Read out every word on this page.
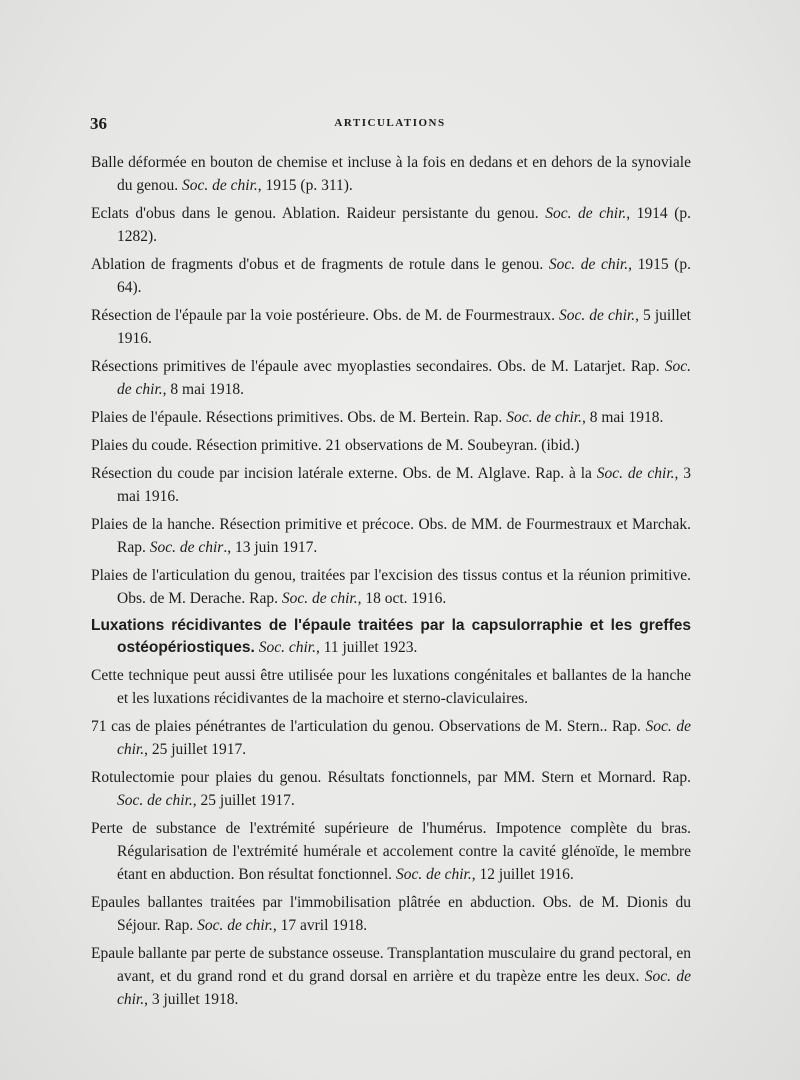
36	ARTICULATIONS

Balle déformée en bouton de chemise et incluse à la fois en dedans et en dehors de la synoviale du genou. Soc. de chir., 1915 (p. 311).

Eclats d'obus dans le genou. Ablation. Raideur persistante du genou. Soc. de chir., 1914 (p. 1282).

Ablation de fragments d'obus et de fragments de rotule dans le genou. Soc. de chir., 1915 (p. 64).

Résection de l'épaule par la voie postérieure. Obs. de M. de Fourmestraux. Soc. de chir., 5 juillet 1916.

Résections primitives de l'épaule avec myoplasties secondaires. Obs. de M. Latarjet. Rap. Soc. de chir., 8 mai 1918.

Plaies de l'épaule. Résections primitives. Obs. de M. Bertein. Rap. Soc. de chir., 8 mai 1918.

Plaies du coude. Résection primitive. 21 observations de M. Soubeyran. (ibid.)

Résection du coude par incision latérale externe. Obs. de M. Alglave. Rap. à la Soc. de chir., 3 mai 1916.

Plaies de la hanche. Résection primitive et précoce. Obs. de MM. de Fourmestraux et Marchak. Rap. Soc. de chir., 13 juin 1917.

Plaies de l'articulation du genou, traitées par l'excision des tissus contus et la réunion primitive. Obs. de M. Derache. Rap. Soc. de chir., 18 oct. 1916.

Luxations récidivantes de l'épaule traitées par la capsulorraphie et les greffes ostéopériostiques. Soc. chir., 11 juillet 1923.

Cette technique peut aussi être utilisée pour les luxations congénitales et ballantes de la hanche et les luxations récidivantes de la machoire et sterno-claviculaires.

71 cas de plaies pénétrantes de l'articulation du genou. Observations de M. Stern.. Rap. Soc. de chir., 25 juillet 1917.

Rotulectomie pour plaies du genou. Résultats fonctionnels, par MM. Stern et Mornard. Rap. Soc. de chir., 25 juillet 1917.

Perte de substance de l'extrémité supérieure de l'humérus. Impotence complète du bras. Régularisation de l'extrémité humérale et accolement contre la cavité glénoïde, le membre étant en abduction. Bon résultat fonctionnel. Soc. de chir., 12 juillet 1916.

Epaules ballantes traitées par l'immobilisation plâtrée en abduction. Obs. de M. Dionis du Séjour. Rap. Soc. de chir., 17 avril 1918.

Epaule ballante par perte de substance osseuse. Transplantation musculaire du grand pectoral, en avant, et du grand rond et du grand dorsal en arrière et du trapèze entre les deux. Soc. de chir., 3 juillet 1918.
